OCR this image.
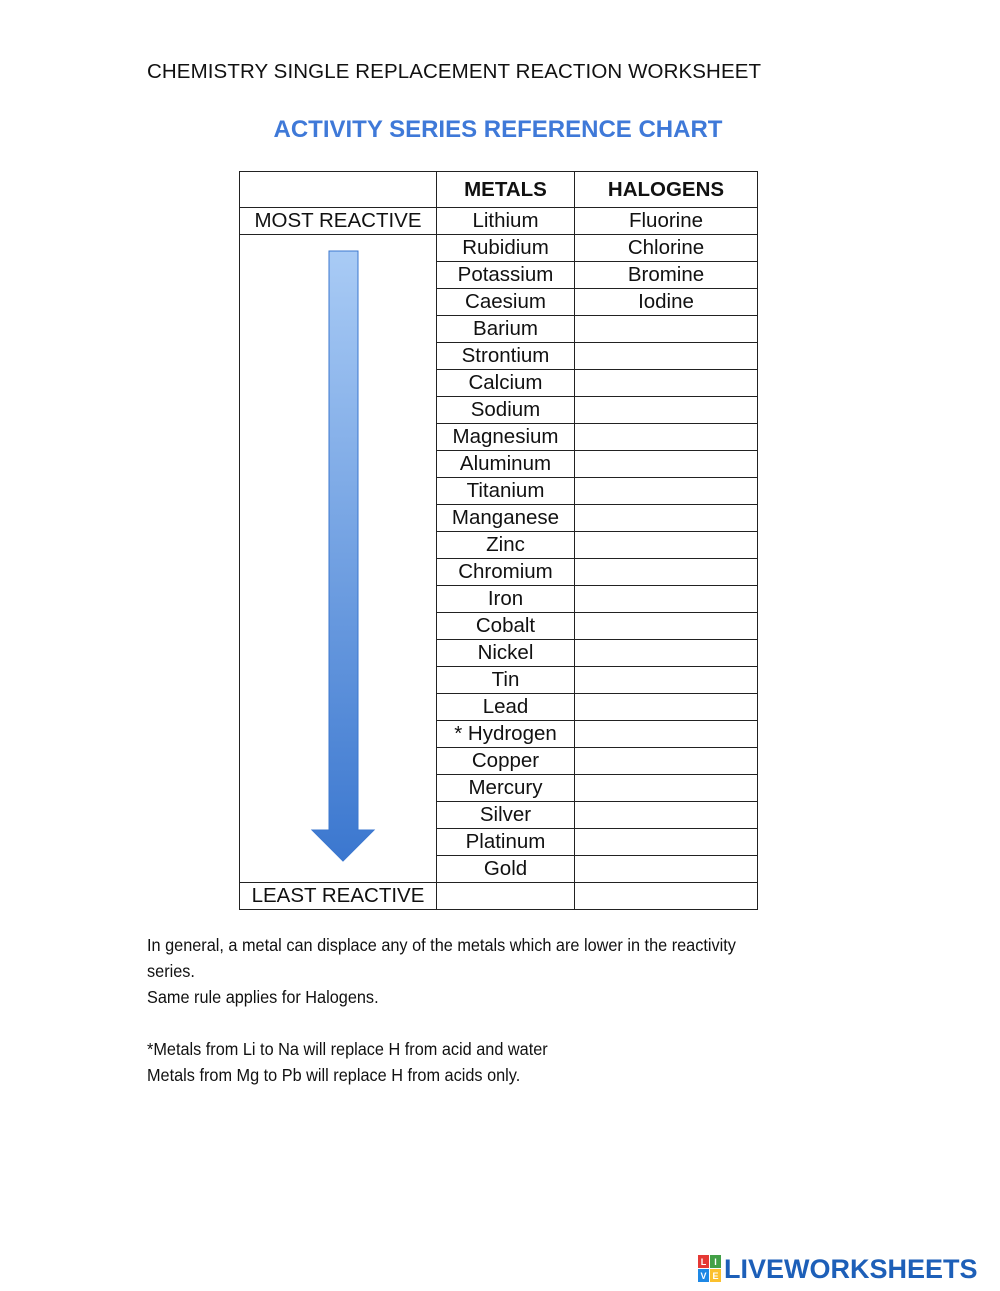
CHEMISTRY SINGLE REPLACEMENT REACTION WORKSHEET
ACTIVITY SERIES REFERENCE CHART
	METALS	HALOGENS
MOST REACTIVE	Lithium	Fluorine

	Rubidium	Chlorine
	Potassium	Bromine
	Caesium	Iodine
	Barium	
	Strontium	
	Calcium	
	Sodium	
	Magnesium	
	Aluminum	
	Titanium	
	Manganese	
	Zinc	
	Chromium	
	Iron	
	Cobalt	
	Nickel	
	Tin	
	Lead	
	* Hydrogen	
	Copper	
	Mercury	
	Silver	
	Platinum	
	Gold	
LEAST REACTIVE		

In general, a metal can displace any of the metals which are lower in the reactivity

series.

Same rule applies for Halogens.

*Metals from Li to Na will replace H from acid and water

Metals from Mg to Pb will replace H from acids only.

L I
V E LIVEWORKSHEETS
